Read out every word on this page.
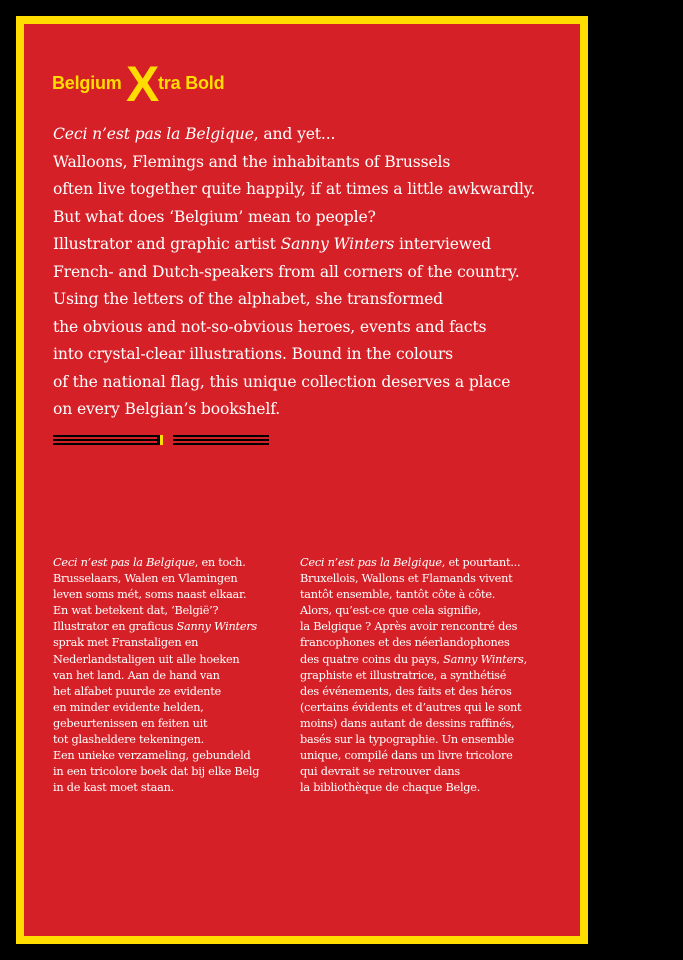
Belgium X tra Bold

Ceci n’est pas la Belgique, and yet...

Walloons, Flemings and the inhabitants of Brussels

often live together quite happily, if at times a little awkwardly.

But what does ‘Belgium’ mean to people?

Illustrator and graphic artist Sanny Winters interviewed

French- and Dutch-speakers from all corners of the country.

Using the letters of the alphabet, she transformed

the obvious and not-so-obvious heroes, events and facts

into crystal-clear illustrations. Bound in the colours

of the national flag, this unique collection deserves a place

on every Belgian’s bookshelf.

Ceci n’est pas la Belgique, en toch.

Brusselaars, Walen en Vlamingen

leven soms mét, soms naast elkaar.

En wat betekent dat, ‘België’?

Illustrator en graficus Sanny Winters

sprak met Franstaligen en

Nederlandstaligen uit alle hoeken

van het land. Aan de hand van

het alfabet puurde ze evidente

en minder evidente helden,

gebeurtenissen en feiten uit

tot glasheldere tekeningen.

Een unieke verzameling, gebundeld

in een tricolore boek dat bij elke Belg

in de kast moet staan.

Ceci n’est pas la Belgique, et pourtant...

Bruxellois, Wallons et Flamands vivent

tantôt ensemble, tantôt côte à côte.

Alors, qu’est-ce que cela signifie,

la Belgique ? Après avoir rencontré des

francophones et des néerlandophones

des quatre coins du pays, Sanny Winters,

graphiste et illustratrice, a synthétisé

des événements, des faits et des héros

(certains évidents et d’autres qui le sont

moins) dans autant de dessins raffinés,

basés sur la typographie. Un ensemble

unique, compilé dans un livre tricolore

qui devrait se retrouver dans

la bibliothèque de chaque Belge.
